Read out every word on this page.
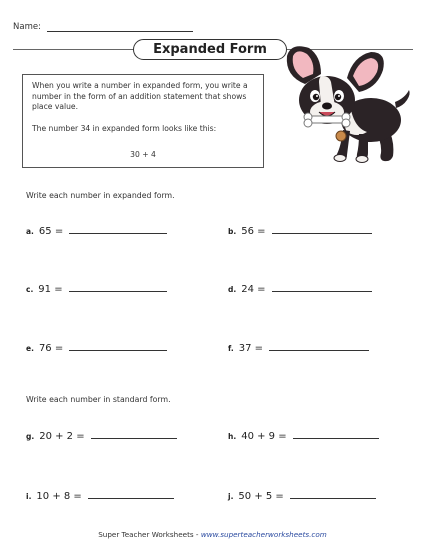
Name:
Expanded Form
When you write a number in expanded form, you write a number in the form of an addition statement that shows place value.
The number 34 in expanded form looks like this:
30 + 4
Write each number in expanded form.
a. 65 =	b. 56 =
c. 91 =	d. 24 =
e. 76 =	f. 37 =
Write each number in standard form.
g. 20 + 2 =	h. 40 + 9 =
i. 10 + 8 =	j. 50 + 5 =
Super Teacher Worksheets - www.superteacherworksheets.com
